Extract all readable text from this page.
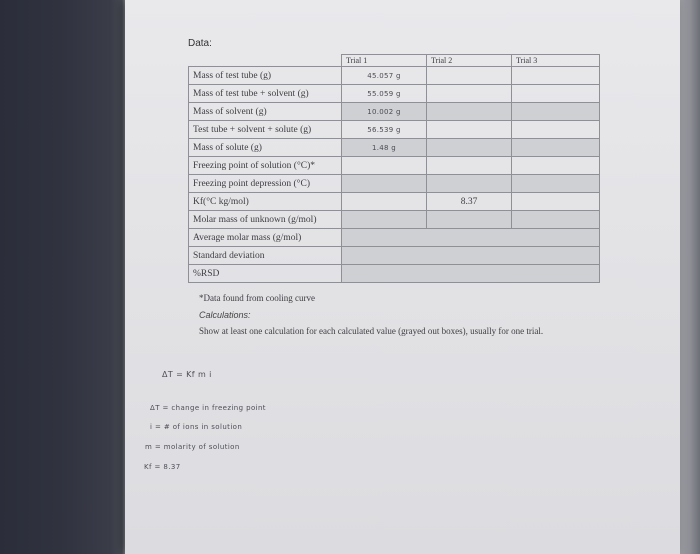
Data:
	Trial 1	Trial 2	Trial 3
Mass of test tube (g)	45.057 g		
Mass of test tube + solvent (g)	55.059 g		
Mass of solvent (g)	10.002 g		
Test tube + solvent + solute (g)	56.539 g		
Mass of solute (g)	1.48 g		
Freezing point of solution (°C)*			
Freezing point depression (°C)			
Kf(°C kg/mol)		8.37	
Molar mass of unknown (g/mol)			
Average molar mass (g/mol)			
Standard deviation			
%RSD			
*Data found from cooling curve
Calculations:
Show at least one calculation for each calculated value (grayed out boxes), usually for one trial.
ΔT = Kf m i
ΔT = change in freezing point
i = # of ions in solution
m = molarity of solution
Kf = 8.37
